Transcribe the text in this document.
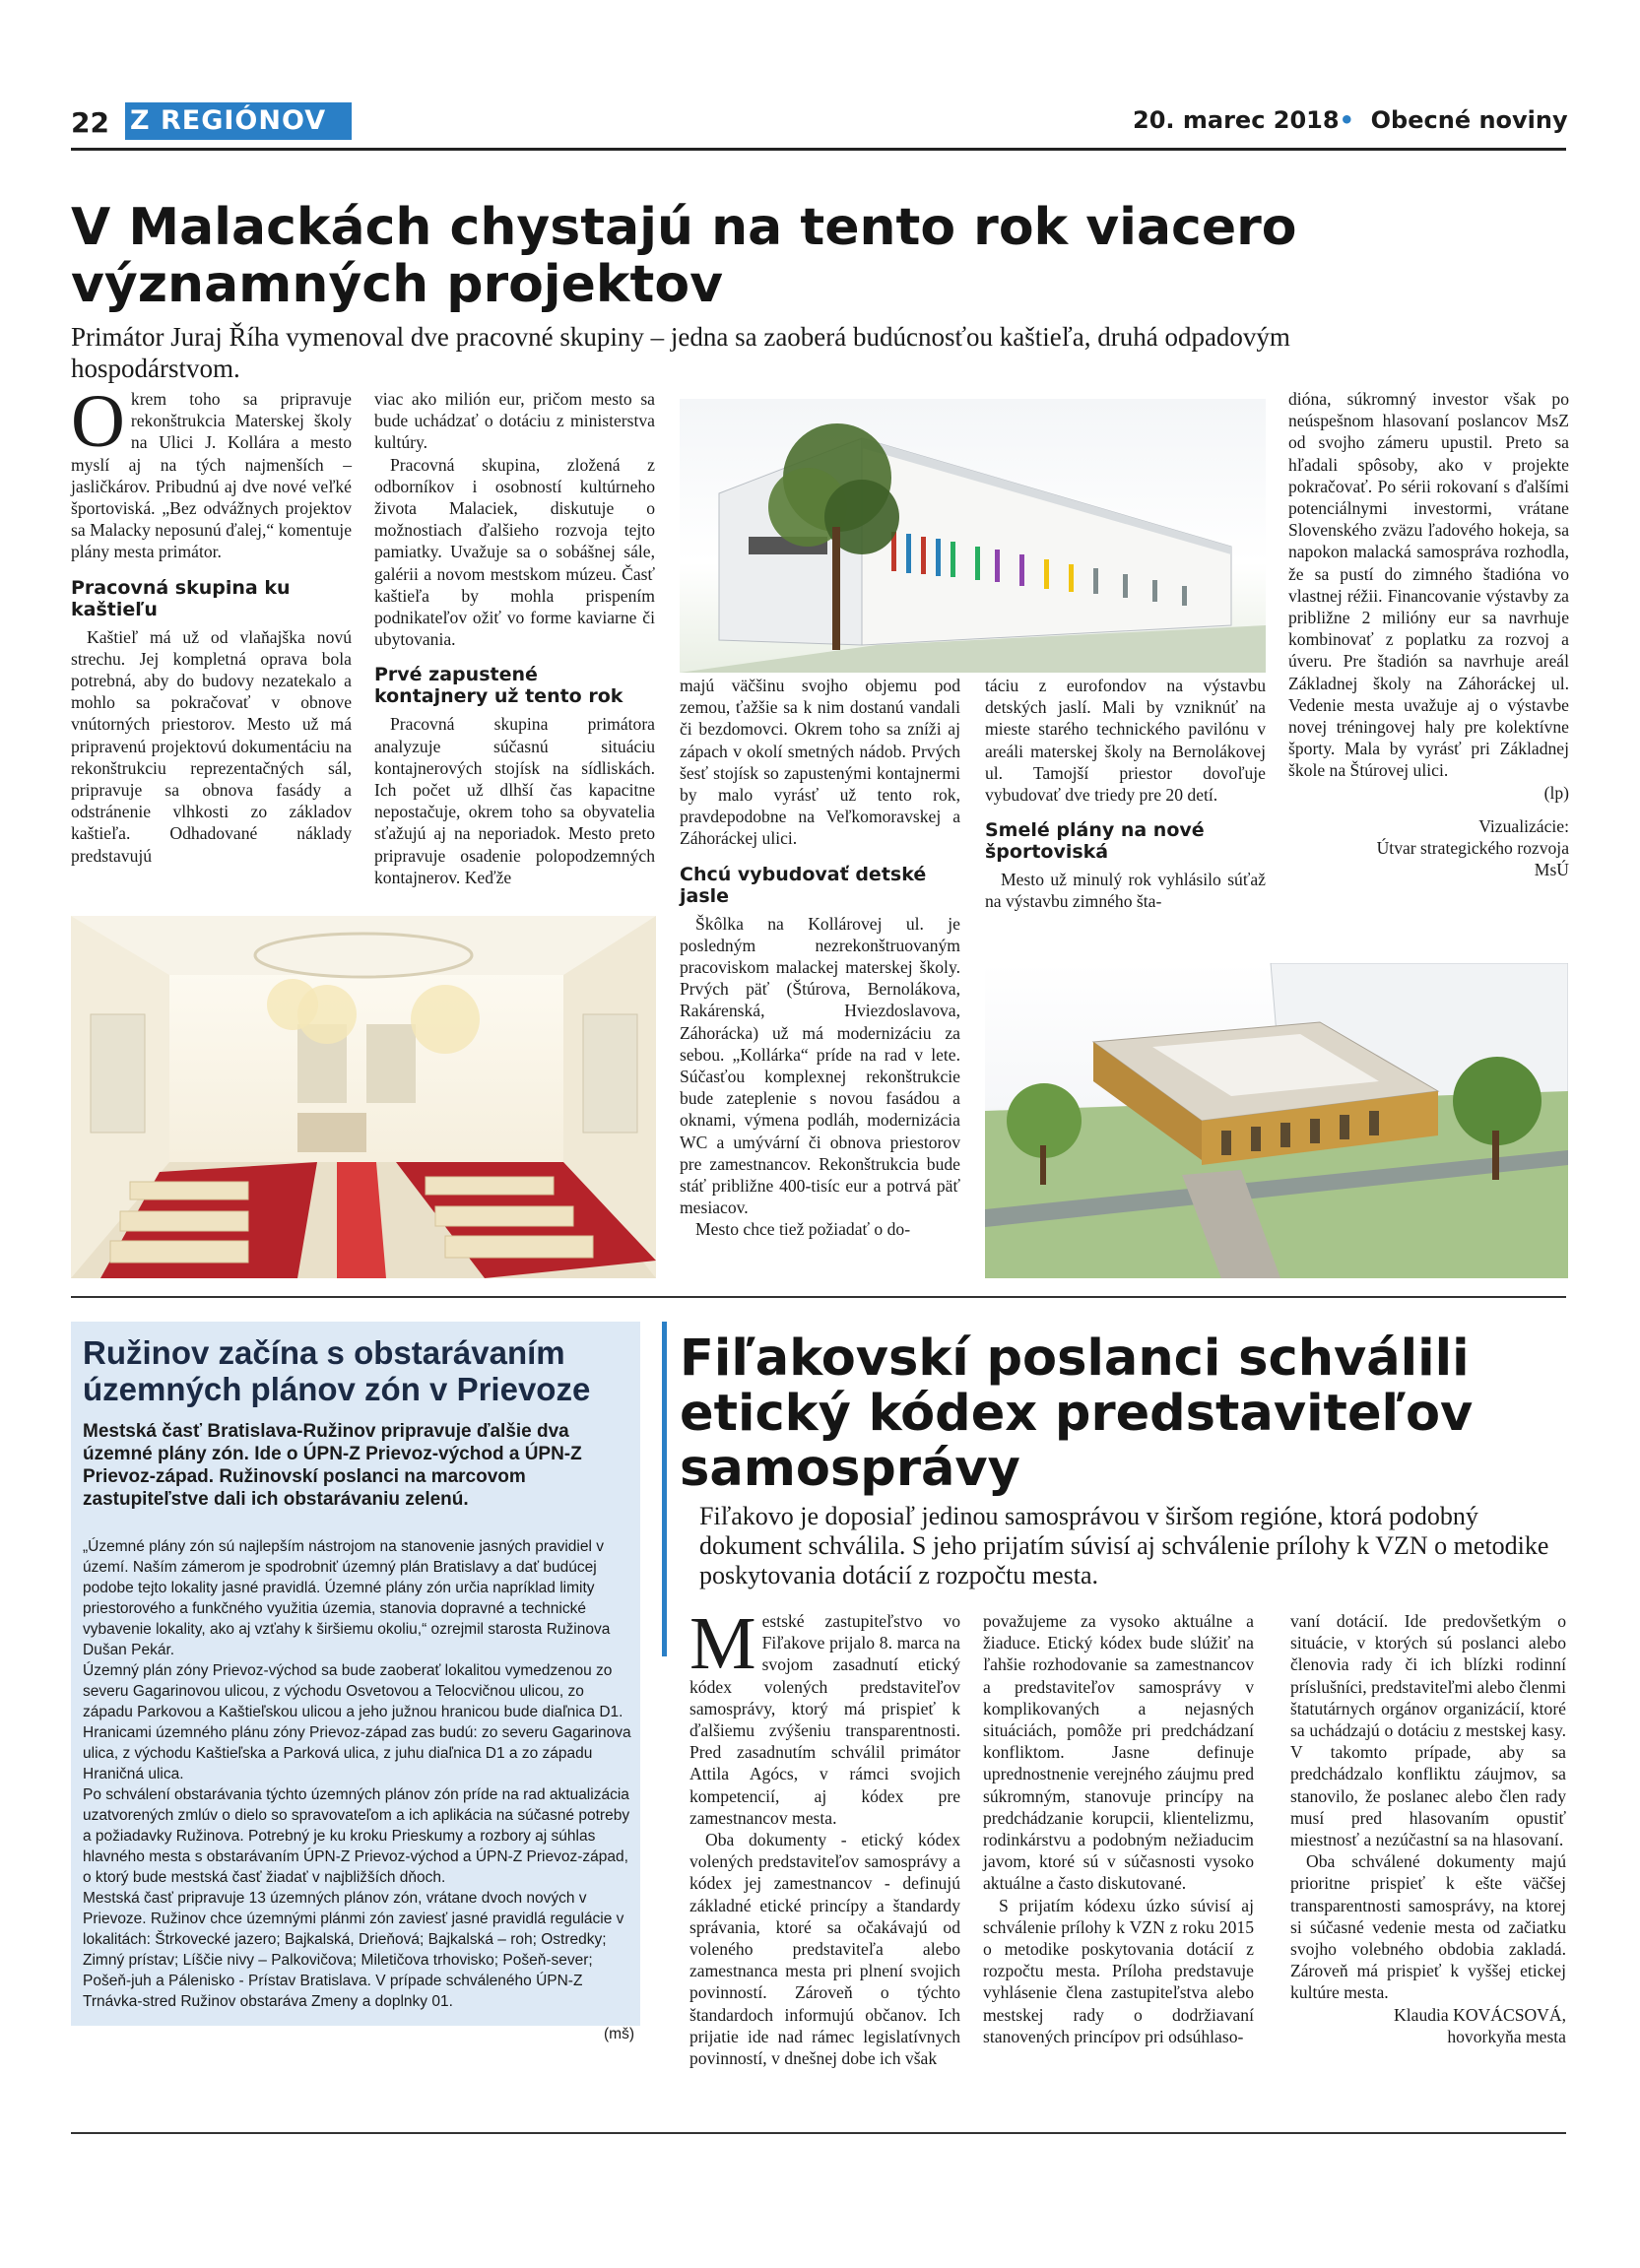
22 Z REGIÓNOV	20. marec 2018• Obecné noviny
V Malackách chystajú na tento rok viacero významných projektov
Primátor Juraj Říha vymenoval dve pracovné skupiny – jedna sa zaoberá budúcnosťou kaštieľa, druhá odpadovým hospodárstvom.

Okrem toho sa pripravuje rekonštrukcia Materskej školy na Ulici J. Kollára a mesto myslí aj na tých najmenších – jasličkárov. Pribudnú aj dve nové veľké športoviská. „Bez odvážnych projektov sa Malacky neposunú ďalej,“ komentuje plány mesta primátor.

Pracovná skupina ku kaštieľu

Kaštieľ má už od vlaňajška novú strechu. Jej kompletná oprava bola potrebná, aby do budovy nezatekalo a mohlo sa pokračovať v obnove vnútorných priestorov. Mesto už má pripravenú projektovú dokumentáciu na rekonštrukciu reprezentačných sál, pripravuje sa obnova fasády a odstránenie vlhkosti zo základov kaštieľa. Odhadované náklady predstavujú

viac ako milión eur, pričom mesto sa bude uchádzať o dotáciu z ministerstva kultúry.

Pracovná skupina, zložená z odborníkov i osobností kultúrneho života Malaciek, diskutuje o možnostiach ďalšieho rozvoja tejto pamiatky. Uvažuje sa o sobášnej sále, galérii a novom mestskom múzeu. Časť kaštieľa by mohla prispením podnikateľov ožiť vo forme kaviarne či ubytovania.

Prvé zapustené kontajnery už tento rok

Pracovná skupina primátora analyzuje súčasnú situáciu kontajnerových stojísk na sídliskách. Ich počet už dlhší čas kapacitne nepostačuje, okrem toho sa obyvatelia sťažujú aj na neporiadok. Mesto preto pripravuje osadenie polopodzemných kontajnerov. Keďže

majú väčšinu svojho objemu pod zemou, ťažšie sa k nim dostanú vandali či bezdomovci. Okrem toho sa zníži aj zápach v okolí smetných nádob. Prvých šesť stojísk so zapustenými kontajnermi by malo vyrásť už tento rok, pravdepodobne na Veľkomoravskej a Záhoráckej ulici.

Chcú vybudovať detské jasle

Škôlka na Kollárovej ul. je posledným nezrekonštruovaným pracoviskom malackej materskej školy. Prvých päť (Štúrova, Bernolákova, Rakárenská, Hviezdoslavova, Záhorácka) už má modernizáciu za sebou. „Kollárka“ príde na rad v lete. Súčasťou komplexnej rekonštrukcie bude zateplenie s novou fasádou a oknami, výmena podláh, modernizácia WC a umývární či obnova priestorov pre zamestnancov. Rekonštrukcia bude stáť približne 400-tisíc eur a potrvá päť mesiacov.

Mesto chce tiež požiadať o do-

táciu z eurofondov na výstavbu detských jaslí. Mali by vzniknúť na mieste starého technického pavilónu v areáli materskej školy na Bernolákovej ul. Tamojší priestor dovoľuje vybudovať dve triedy pre 20 detí.

Smelé plány na nové športoviská

Mesto už minulý rok vyhlásilo súťaž na výstavbu zimného šta-

dióna, súkromný investor však po neúspešnom hlasovaní poslancov MsZ od svojho zámeru upustil. Preto sa hľadali spôsoby, ako v projekte pokračovať. Po sérii rokovaní s ďalšími potenciálnymi investormi, vrátane Slovenského zväzu ľadového hokeja, sa napokon malacká samospráva rozhodla, že sa pustí do zimného štadióna vo vlastnej réžii. Financovanie výstavby za približne 2 milióny eur sa navrhuje kombinovať z poplatku za rozvoj a úveru. Pre štadión sa navrhuje areál Základnej školy na Záhoráckej ul. Vedenie mesta uvažuje aj o výstavbe novej tréningovej haly pre kolektívne športy. Mala by vyrásť pri Základnej škole na Štúrovej ulici.

(lp)

Vizualizácie:

Útvar strategického rozvoja

MsÚ

Ružinov začína s obstarávaním územných plánov zón v Prievoze
Mestská časť Bratislava-Ružinov pripravuje ďalšie dva územné plány zón. Ide o ÚPN-Z Prievoz-východ a ÚPN-Z Prievoz-západ. Ružinovskí poslanci na marcovom zastupiteľstve dali ich obstarávaniu zelenú.

„Územné plány zón sú najlepším nástrojom na stanovenie jasných pravidiel v území. Naším zámerom je spodrobniť územný plán Bratislavy a dať budúcej podobe tejto lokality jasné pravidlá. Územné plány zón určia napríklad limity priestorového a funkčného využitia územia, stanovia dopravné a technické vybavenie lokality, ako aj vzťahy k širšiemu okoliu,“ ozrejmil starosta Ružinova Dušan Pekár.

Územný plán zóny Prievoz-východ sa bude zaoberať lokalitou vymedzenou zo severu Gagarinovou ulicou, z východu Osvetovou a Telocvičnou ulicou, zo západu Parkovou a Kaštieľskou ulicou a jeho južnou hranicou bude diaľnica D1. Hranicami územného plánu zóny Prievoz-západ zas budú: zo severu Gagarinova ulica, z východu Kaštieľska a Parková ulica, z juhu diaľnica D1 a zo západu Hraničná ulica.

Po schválení obstarávania týchto územných plánov zón príde na rad aktualizácia uzatvorených zmlúv o dielo so spravovateľom a ich aplikácia na súčasné potreby a požiadavky Ružinova. Potrebný je ku kroku Prieskumy a rozbory aj súhlas hlavného mesta s obstarávaním ÚPN-Z Prievoz-východ a ÚPN-Z Prievoz-západ, o ktorý bude mestská časť žiadať v najbližších dňoch.

Mestská časť pripravuje 13 územných plánov zón, vrátane dvoch nových v Prievoze. Ružinov chce územnými plánmi zón zaviesť jasné pravidlá regulácie v lokalitách: Štrkovecké jazero; Bajkalská, Drieňová; Bajkalská – roh; Ostredky; Zimný prístav; Líščie nivy – Palkovičova; Miletičova trhovisko; Pošeň-sever; Pošeň-juh a Pálenisko - Prístav Bratislava. V prípade schváleného ÚPN-Z Trnávka-stred Ružinov obstaráva Zmeny a doplnky 01.

(mš)

Fiľakovskí poslanci schválili etický kódex predstaviteľov samosprávy
Fiľakovo je doposiaľ jedinou samosprávou v širšom regióne, ktorá podobný dokument schválila. S jeho prijatím súvisí aj schválenie prílohy k VZN o metodike poskytovania dotácií z rozpočtu mesta.

Mestské zastupiteľstvo vo Fiľakove prijalo 8. marca na svojom zasadnutí etický kódex volených predstaviteľov samosprávy, ktorý má prispieť k ďalšiemu zvýšeniu transparentnosti. Pred zasadnutím schválil primátor Attila Agócs, v rámci svojich kompetencií, aj kódex pre zamestnancov mesta.

Oba dokumenty - etický kódex volených predstaviteľov samosprávy a kódex jej zamestnancov - definujú základné etické princípy a štandardy správania, ktoré sa očakávajú od voleného predstaviteľa alebo zamestnanca mesta pri plnení svojich povinností. Zároveň o týchto štandardoch informujú občanov. Ich prijatie ide nad rámec legislatívnych povinností, v dnešnej dobe ich však

považujeme za vysoko aktuálne a žiaduce. Etický kódex bude slúžiť na ľahšie rozhodovanie sa zamestnancov a predstaviteľov samosprávy v komplikovaných a nejasných situáciách, pomôže pri predchádzaní konfliktom. Jasne definuje uprednostnenie verejného záujmu pred súkromným, stanovuje princípy na predchádzanie korupcii, klientelizmu, rodinkárstvu a podobným nežiaducim javom, ktoré sú v súčasnosti vysoko aktuálne a často diskutované.

S prijatím kódexu úzko súvisí aj schválenie prílohy k VZN z roku 2015 o metodike poskytovania dotácií z rozpočtu mesta. Príloha predstavuje vyhlásenie člena zastupiteľstva alebo mestskej rady o dodržiavaní stanovených princípov pri odsúhlaso-

vaní dotácií. Ide predovšetkým o situácie, v ktorých sú poslanci alebo členovia rady či ich blízki rodinní príslušníci, predstaviteľmi alebo členmi štatutárnych orgánov organizácií, ktoré sa uchádzajú o dotáciu z mestskej kasy. V takomto prípade, aby sa predchádzalo konfliktu záujmov, sa stanovilo, že poslanec alebo člen rady musí pred hlasovaním opustiť miestnosť a nezúčastní sa na hlasovaní.

Oba schválené dokumenty majú prioritne prispieť k ešte väčšej transparentnosti samosprávy, na ktorej si súčasné vedenie mesta od začiatku svojho volebného obdobia zakladá. Zároveň má prispieť k vyššej etickej kultúre mesta.

Klaudia KOVÁCSOVÁ,

hovorkyňa mesta
